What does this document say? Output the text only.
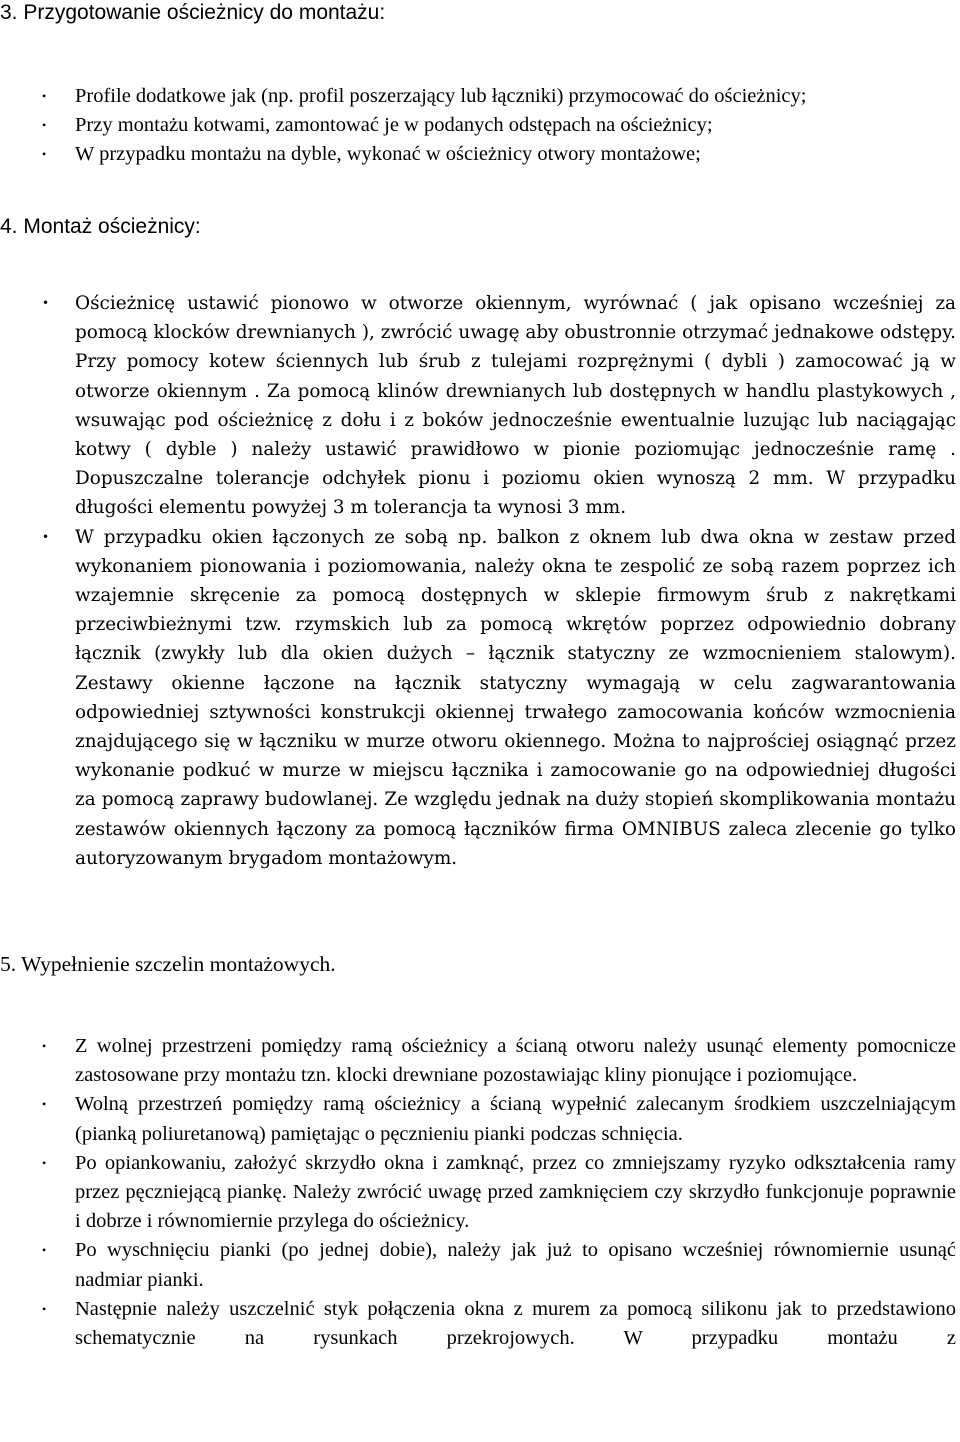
3. Przygotowanie ościeżnicy do montażu:
• Profile dodatkowe jak (np. profil poszerzający lub łączniki) przymocować do ościeżnicy;
• Przy montażu kotwami, zamontować je w podanych odstępach na ościeżnicy;
• W przypadku montażu na dyble, wykonać w ościeżnicy otwory montażowe;
4. Montaż ościeżnicy:
• Ościeżnicę ustawić pionowo w otworze okiennym, wyrównać ( jak opisano wcześniej za pomocą klocków drewnianych ), zwrócić uwagę aby obustronnie otrzymać jednakowe odstępy. Przy pomocy kotew ściennych lub śrub z tulejami rozprężnymi ( dybli ) zamocować ją w otworze okiennym . Za pomocą klinów drewnianych lub dostępnych w handlu plastykowych , wsuwając pod ościeżnicę z dołu i z boków jednocześnie ewentualnie luzując lub naciągając kotwy ( dyble ) należy ustawić prawidłowo w pionie poziomując jednocześnie ramę . Dopuszczalne tolerancje odchyłek pionu i poziomu okien wynoszą 2 mm. W przypadku długości elementu powyżej 3 m tolerancja ta wynosi 3 mm.
• W przypadku okien łączonych ze sobą np. balkon z oknem lub dwa okna w zestaw przed wykonaniem pionowania i poziomowania, należy okna te zespolić ze sobą razem poprzez ich wzajemnie skręcenie za pomocą dostępnych w sklepie firmowym śrub z nakrętkami przeciwbieżnymi tzw. rzymskich lub za pomocą wkrętów poprzez odpowiednio dobrany łącznik (zwykły lub dla okien dużych – łącznik statyczny ze wzmocnieniem stalowym). Zestawy okienne łączone na łącznik statyczny wymagają w celu zagwarantowania odpowiedniej sztywności konstrukcji okiennej trwałego zamocowania końców wzmocnienia znajdującego się w łączniku w murze otworu okiennego. Można to najprościej osiągnąć przez wykonanie podkuć w murze w miejscu łącznika i zamocowanie go na odpowiedniej długości za pomocą zaprawy budowlanej. Ze względu jednak na duży stopień skomplikowania montażu zestawów okiennych łączony za pomocą łączników firma OMNIBUS zaleca zlecenie go tylko autoryzowanym brygadom montażowym.
5. Wypełnienie szczelin montażowych.
• Z wolnej przestrzeni pomiędzy ramą ościeżnicy a ścianą otworu należy usunąć elementy pomocnicze zastosowane przy montażu tzn. klocki drewniane pozostawiając kliny pionujące i poziomujące.
• Wolną przestrzeń pomiędzy ramą ościeżnicy a ścianą wypełnić zalecanym środkiem uszczelniającym (pianką poliuretanową) pamiętając o pęcznieniu pianki podczas schnięcia.
• Po opiankowaniu, założyć skrzydło okna i zamknąć, przez co zmniejszamy ryzyko odkształcenia ramy przez pęczniejącą piankę. Należy zwrócić uwagę przed zamknięciem czy skrzydło funkcjonuje poprawnie i dobrze i równomiernie przylega do ościeżnicy.
• Po wyschnięciu pianki (po jednej dobie), należy jak już to opisano wcześniej równomiernie usunąć nadmiar pianki.
• Następnie należy uszczelnić styk połączenia okna z murem za pomocą silikonu jak to przedstawiono schematycznie na rysunkach przekrojowych. W przypadku montażu z
